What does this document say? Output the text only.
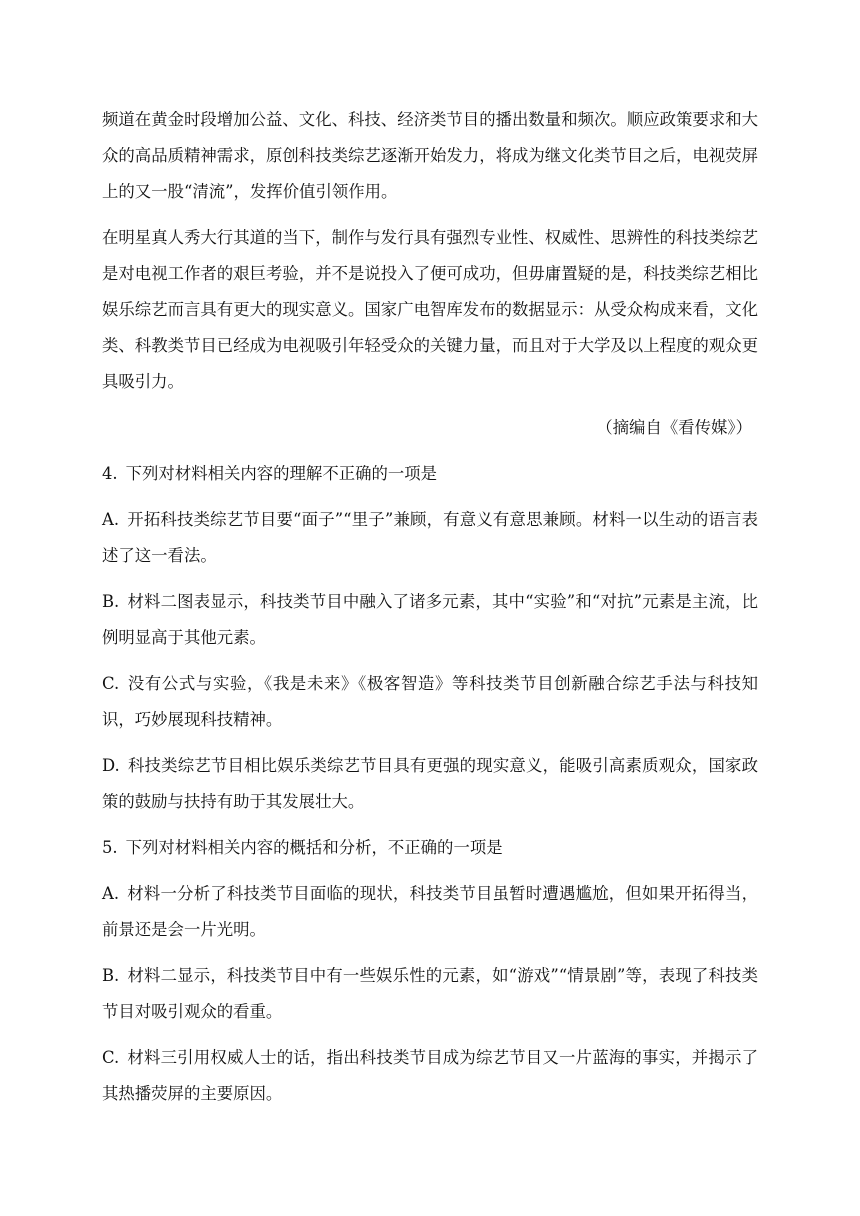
频道在黄金时段增加公益、文化、科技、经济类节目的播出数量和频次。顺应政策要求和大众的高品质精神需求，原创科技类综艺逐渐开始发力，将成为继文化类节目之后，电视荧屏上的又一股“清流”，发挥价值引领作用。

在明星真人秀大行其道的当下，制作与发行具有强烈专业性、权威性、思辨性的科技类综艺是对电视工作者的艰巨考验，并不是说投入了便可成功，但毋庸置疑的是，科技类综艺相比娱乐综艺而言具有更大的现实意义。国家广电智库发布的数据显示：从受众构成来看，文化类、科教类节目已经成为电视吸引年轻受众的关键力量，而且对于大学及以上程度的观众更具吸引力。

（摘编自《看传媒》）

4. 下列对材料相关内容的理解不正确的一项是

A. 开拓科技类综艺节目要“面子”“里子”兼顾，有意义有意思兼顾。材料一以生动的语言表述了这一看法。

B. 材料二图表显示，科技类节目中融入了诸多元素，其中“实验”和“对抗”元素是主流，比例明显高于其他元素。

C. 没有公式与实验，《我是未来》《极客智造》等科技类节目创新融合综艺手法与科技知识，巧妙展现科技精神。

D. 科技类综艺节目相比娱乐类综艺节目具有更强的现实意义，能吸引高素质观众，国家政策的鼓励与扶持有助于其发展壮大。

5. 下列对材料相关内容的概括和分析，不正确的一项是

A. 材料一分析了科技类节目面临的现状，科技类节目虽暂时遭遇尴尬，但如果开拓得当，前景还是会一片光明。

B. 材料二显示，科技类节目中有一些娱乐性的元素，如“游戏”“情景剧”等，表现了科技类节目对吸引观众的看重。

C. 材料三引用权威人士的话，指出科技类节目成为综艺节目又一片蓝海的事实，并揭示了其热播荧屏的主要原因。
